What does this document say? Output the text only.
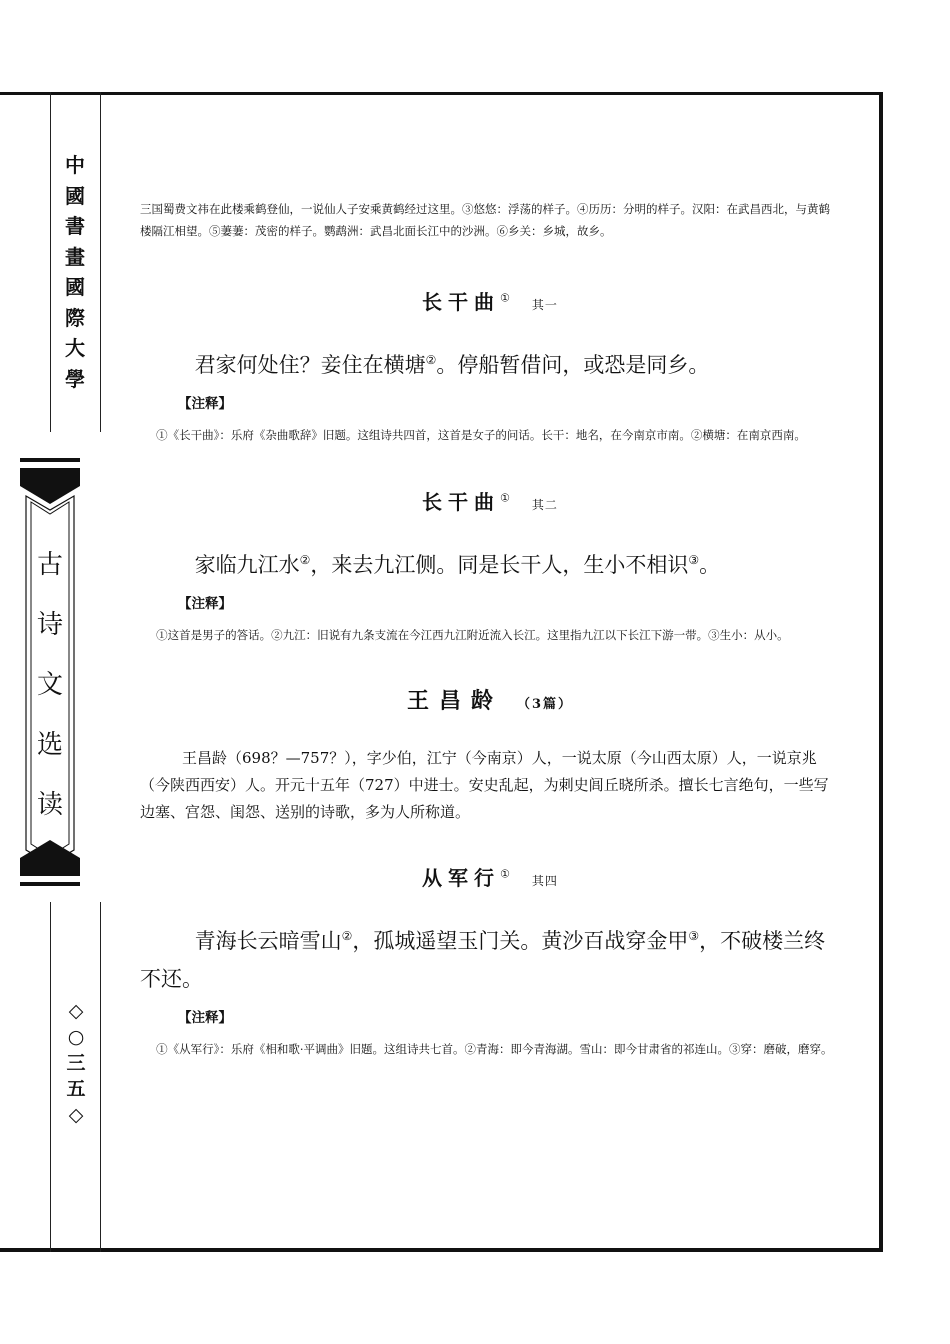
中
國
書
畫
國
際
大
學
古
诗
文
选
读
◇
○
三
五
◇

三国蜀费文祎在此楼乘鹤登仙，一说仙人子安乘黄鹤经过这里。③悠悠：浮荡的样子。④历历：分明的样子。汉阳：在武昌西北，与黄鹤楼隔江相望。⑤萋萋：茂密的样子。鹦鹉洲：武昌北面长江中的沙洲。⑥乡关：乡城，故乡。

长干曲①其一

君家何处住？妾住在横塘②。停船暂借问，或恐是同乡。

【注释】

①《长干曲》：乐府《杂曲歌辞》旧题。这组诗共四首，这首是女子的问话。长干：地名，在今南京市南。②横塘：在南京西南。

长干曲①其二

家临九江水②，来去九江侧。同是长干人，生小不相识③。

【注释】

①这首是男子的答话。②九江：旧说有九条支流在今江西九江附近流入长江。这里指九江以下长江下游一带。③生小：从小。

王昌龄 （3篇）

王昌龄（698？—757？），字少伯，江宁（今南京）人，一说太原（今山西太原）人，一说京兆（今陕西西安）人。开元十五年（727）中进士。安史乱起，为刺史闾丘晓所杀。擅长七言绝句，一些写边塞、宫怨、闺怨、送别的诗歌，多为人所称道。

从军行①其四

青海长云暗雪山②，孤城遥望玉门关。黄沙百战穿金甲③，不破楼兰终不还。

【注释】

①《从军行》：乐府《相和歌·平调曲》旧题。这组诗共七首。②青海：即今青海湖。雪山：即今甘肃省的祁连山。③穿：磨破，磨穿。
